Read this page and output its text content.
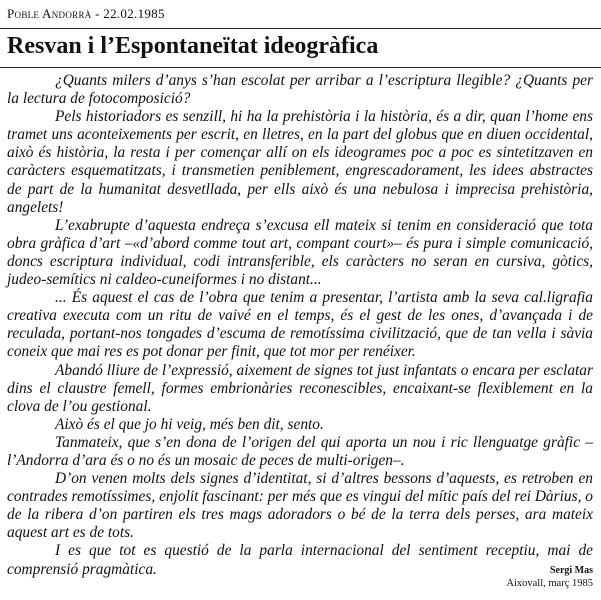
Poble Andorrà - 22.02.1985
Resvan i l’Espontaneïtat ideogràfica

¿Quants milers d’anys s’han escolat per arribar a l’escriptura llegible? ¿Quants per la lectura de fotocomposició?

Pels historiadors es senzill, hi ha la prehistòria i la història, és a dir, quan l’home ens tramet uns aconteixements per escrit, en lletres, en la part del globus que en diuen occidental, això és història, la resta i per començar allí on els ideogrames poc a poc es sintetitzaven en caràcters esquematitzats, i transmetien peniblement, engrescadorament, les idees abstractes de part de la humanitat desvetllada, per ells això és una nebulosa i imprecisa prehistòria, angelets!

L’exabrupte d’aquesta endreça s’excusa ell mateix si tenim en consideració que tota obra gràfica d’art –«d’abord comme tout art, compant court»– és pura i simple comunicació, doncs escriptura individual, codi intransferible, els caràcters no seran en cursiva, gòtics, judeo-semítics ni caldeo-cuneiformes i no distant...

... És aquest el cas de l’obra que tenim a presentar, l’artista amb la seva cal.ligrafia creativa executa com un ritu de vaivé en el temps, és el gest de les ones, d’avançada i de reculada, portant-nos tongades d’escuma de remotíssima civilització, que de tan vella i sàvia coneix que mai res es pot donar per finit, que tot mor per renéixer.

Abandó lliure de l’expressió, aixement de signes tot just infantats o encara per esclatar dins el claustre femell, formes embrionàries reconescibles, encaixant-se flexiblement en la clova de l’ou gestional.

Això és el que jo hi veig, més ben dit, sento.

Tanmateix, que s’en dona de l’origen del qui aporta un nou i ric llenguatge gràfic –l’Andorra d’ara és o no és un mosaic de peces de multi-origen–.

D’on venen molts dels signes d’identitat, si d’altres bessons d’aquests, es retroben en contrades remotíssimes, enjolit fascinant: per més que es vingui del mític país del rei Dàrius, o de la ribera d’on partiren els tres mags adoradors o bé de la terra dels perses, ara mateix aquest art es de tots.

I es que tot es questió de la parla internacional del sentiment receptiu, mai de comprensió pragmàtica.	Sergi Mas
Aixovall, març 1985
